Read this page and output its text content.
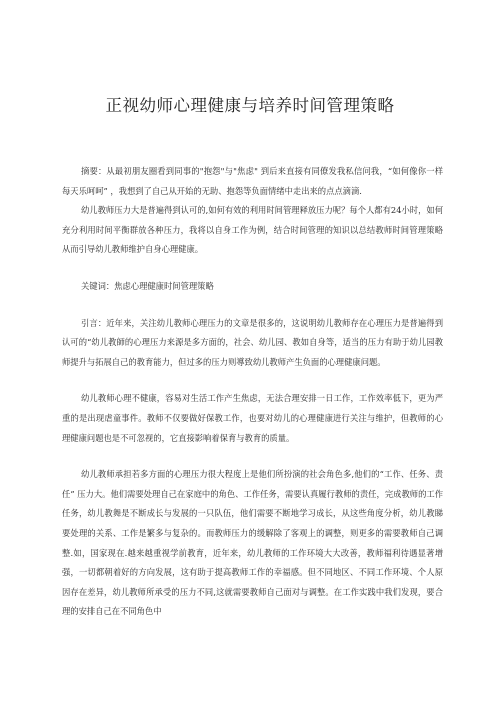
正视幼师心理健康与培养时间管理策略

摘要：从最初朋友圈看到同事的"抱怨"与"焦虑" 到后来直接有同僚发我私信问我，“如何像你一样每天乐呵呵” ，我想到了自己从开始的无助、抱怨等负面情绪中走出来的点点滴滴.

幼儿教师压力大是普遍得到认可的,如何有效的利用时间管理释放压力呢？每个人都有24小时，如何充分利用时间平衡群放各种压力，我将以自身工作为例，结合时间管理的知识以总结教师时间管理策略从而引导幼儿教师维护自身心理健康。

关键词：焦虑心理健康时间管理策略

引言：近年来，关注幼儿教师心理压力的文章是很多的，这说明幼儿教师存在心理压力是普遍得到认可的“幼儿教師的心理压力来源是多方面的，社会、幼儿园、教如自身等，适当的压力有助于幼儿园教师提升与拓展自己的教育能力，但过多的压力则導致幼儿教师产生负面的心理健康问题。

幼儿教师心理不健康，容易对生活工作产生焦虑，无法合理安排一日工作，工作效率低下，更为严重的是出现虐童事件。教师不仅要做好保教工作，也要对幼儿的心理健康进行关注与维护，但教师的心理健康问题也是不可忽视的，它直接影响着保育与教育的质量。

幼儿教师承担若多方面的心理压力很大程度上是他们所扮演的社会角色多,他们的“工作、任务、责任” 压力大。他们需要处理自己在家庭中的角色、工作任务，需要认真履行教师的责任，完成教师的工作任务，幼儿教舞是不断成长与发展的一只队伍，他们需要不断地学习成长，从这些角度分析，幼儿教睇要处理的关系、工作是繁多与复杂的。而教师压力的缓解除了客观上的调整，则更多的需要教师自己调整.如，国家现在.越来越重视学前教育，近年来，幼儿教师的工作环境大大改善，教师福利待遇显著增强，一切都朝着好的方向发展，这有助于提高教师工作的幸福感。但不同地区、不同工作环境、个人原因存在差异，幼儿教师所承受的压力不同,这就需要教师自己面对与调整。在工作实践中我们发现，要合理的安排自己在不同角色中
